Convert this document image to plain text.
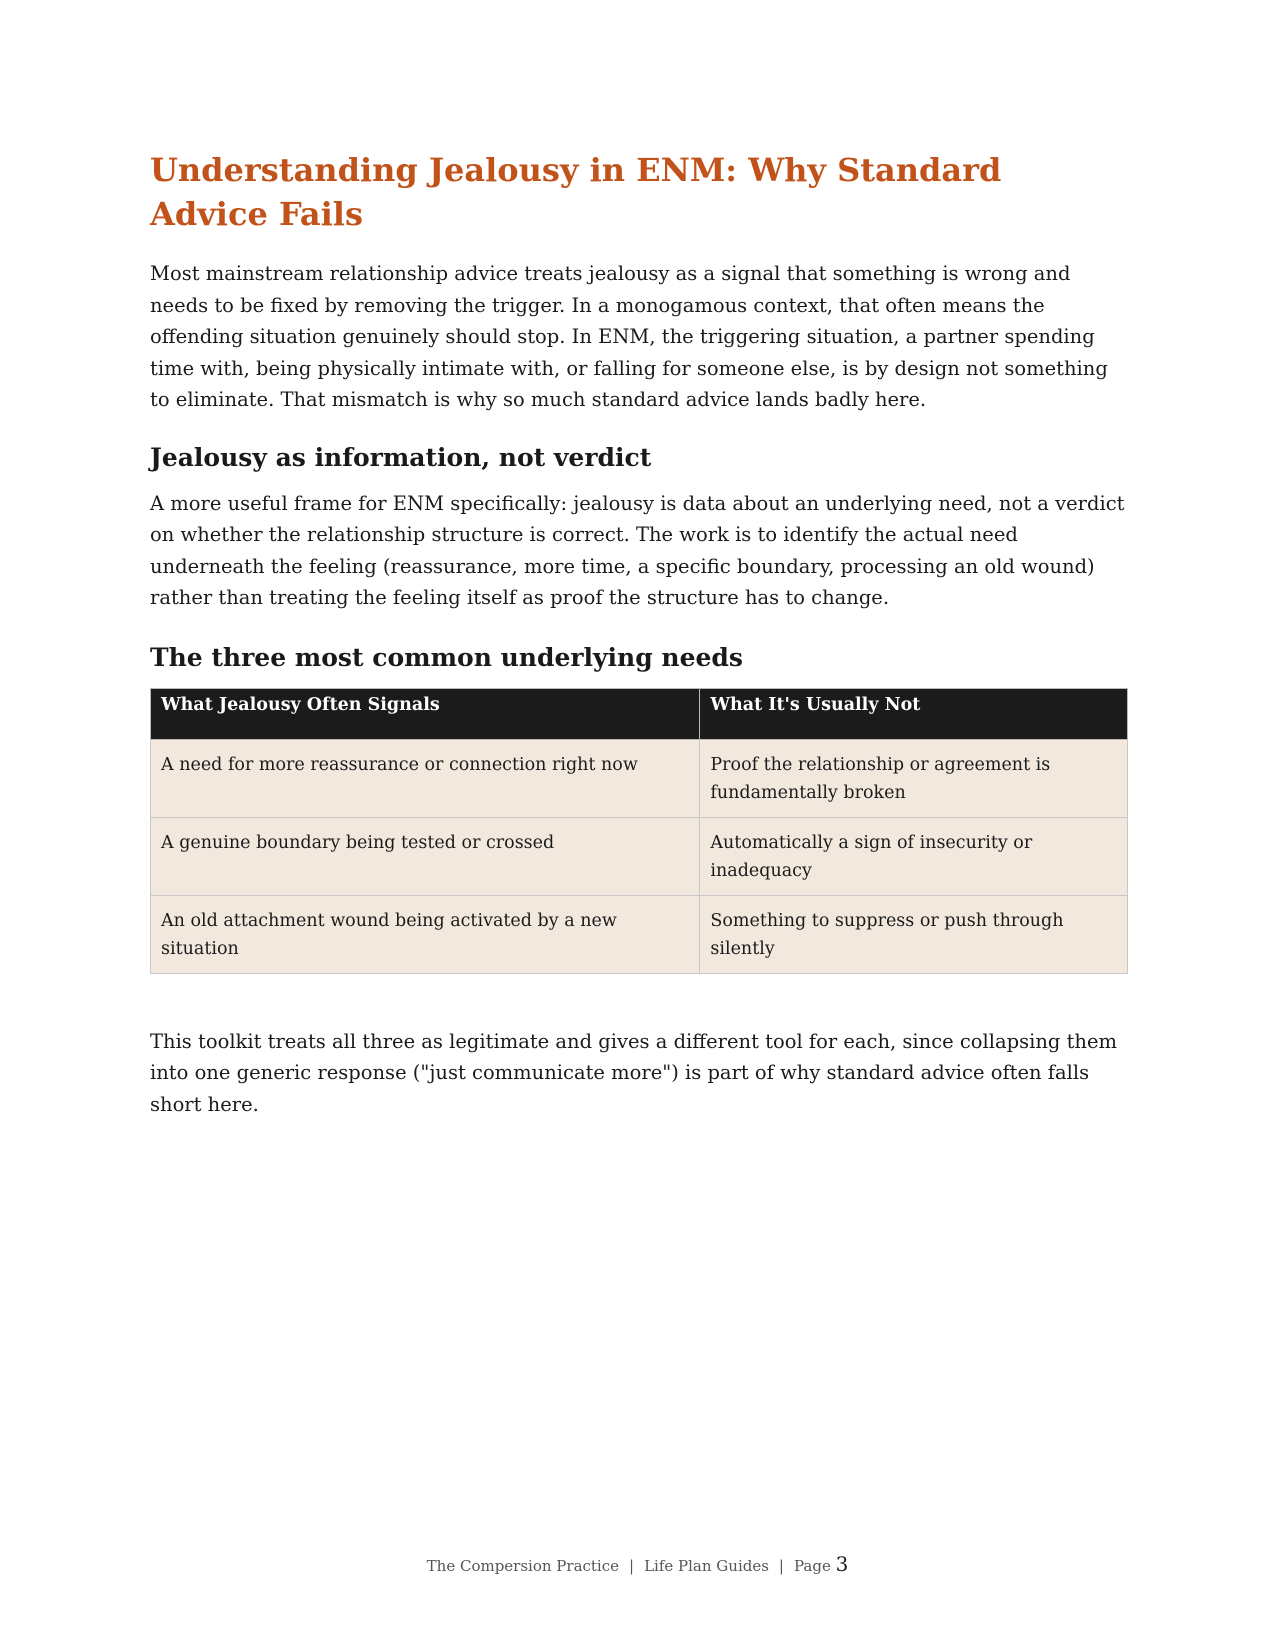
Understanding Jealousy in ENM: Why Standard Advice Fails

Most mainstream relationship advice treats jealousy as a signal that something is wrong and needs to be fixed by removing the trigger. In a monogamous context, that often means the offending situation genuinely should stop. In ENM, the triggering situation, a partner spending time with, being physically intimate with, or falling for someone else, is by design not something to eliminate. That mismatch is why so much standard advice lands badly here.

Jealousy as information, not verdict

A more useful frame for ENM specifically: jealousy is data about an underlying need, not a verdict on whether the relationship structure is correct. The work is to identify the actual need underneath the feeling (reassurance, more time, a specific boundary, processing an old wound) rather than treating the feeling itself as proof the structure has to change.

The three most common underlying needs
What Jealousy Often Signals	What It's Usually Not
A need for more reassurance or connection right now	Proof the relationship or agreement is fundamentally broken
A genuine boundary being tested or crossed	Automatically a sign of insecurity or inadequacy
An old attachment wound being activated by a new situation	Something to suppress or push through silently

This toolkit treats all three as legitimate and gives a different tool for each, since collapsing them into one generic response ("just communicate more") is part of why standard advice often falls short here.

The Compersion Practice | Life Plan Guides | Page 3
